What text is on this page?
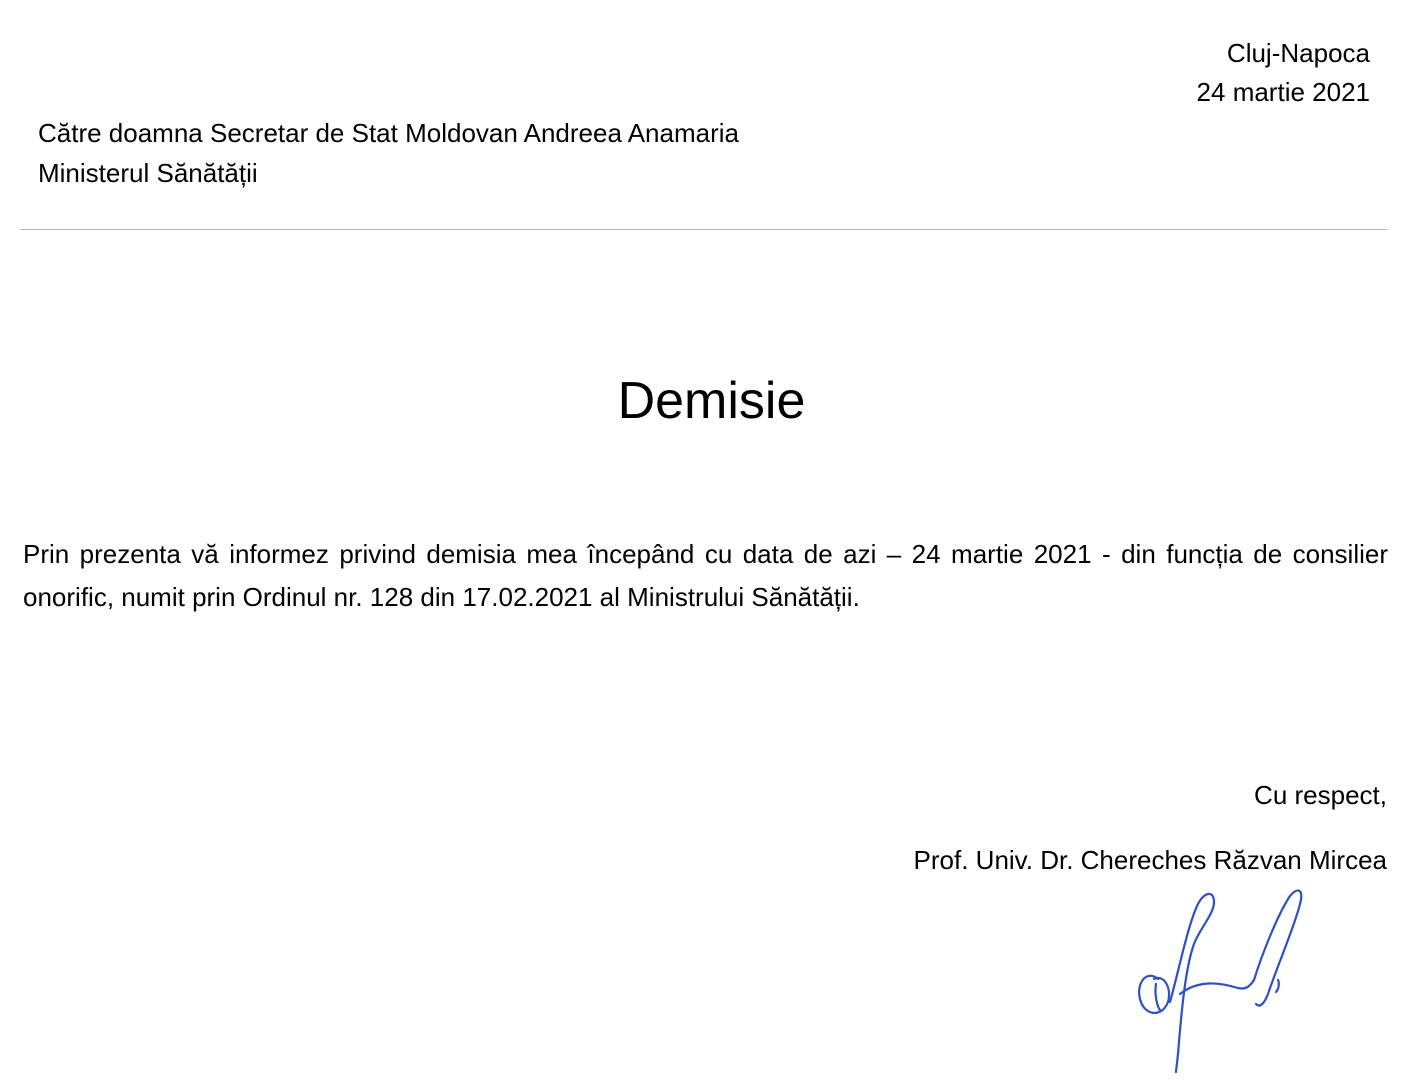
Cluj-Napoca
24 martie 2021
Către doamna Secretar de Stat Moldovan Andreea Anamaria
Ministerul Sănătății
Demisie
Prin prezenta vă informez privind demisia mea începând cu data de azi – 24 martie 2021 - din funcția de consilier onorific, numit prin Ordinul nr. 128 din 17.02.2021 al Ministrului Sănătății.
Cu respect,
Prof. Univ. Dr. Chereches Răzvan Mircea
